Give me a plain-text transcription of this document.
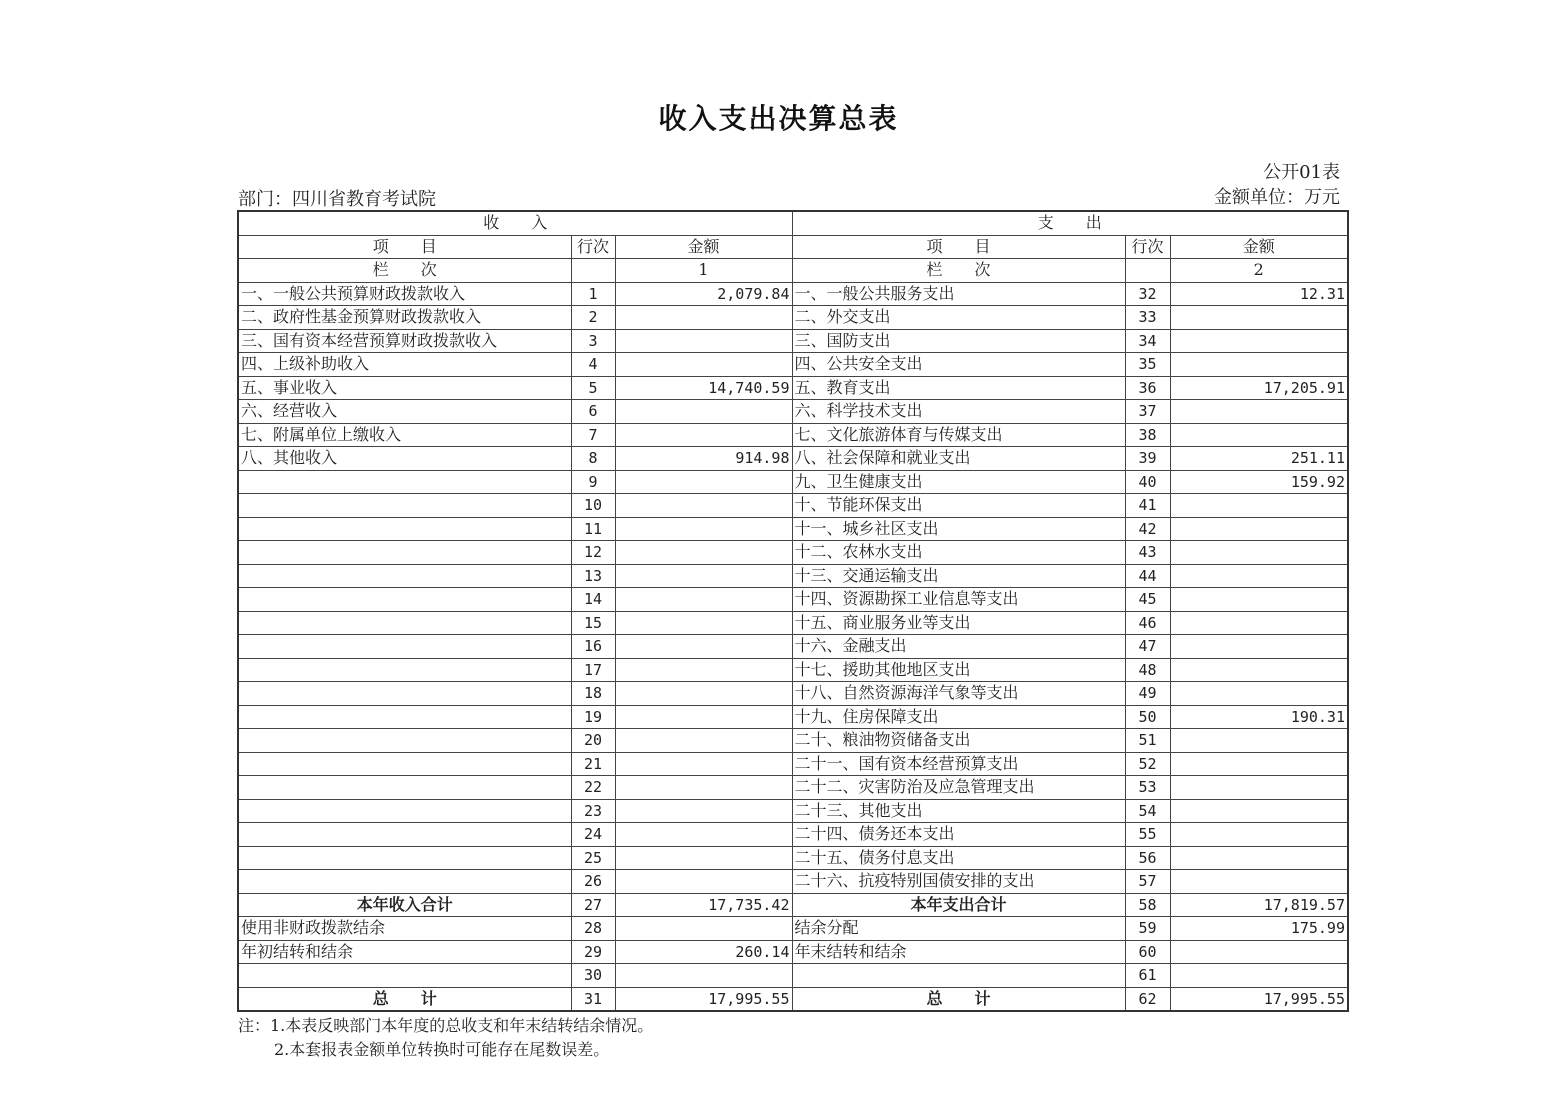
收入支出决算总表
公开01表
金额单位：万元
部门：四川省教育考试院
收　　入			支　　出		
项　　目	行次	金额	项　　目	行次	金额
栏　　次		1	栏　　次		2
一、一般公共预算财政拨款收入	1	2,079.84	一、一般公共服务支出	32	12.31
二、政府性基金预算财政拨款收入	2		二、外交支出	33	
三、国有资本经营预算财政拨款收入	3		三、国防支出	34	
四、上级补助收入	4		四、公共安全支出	35	
五、事业收入	5	14,740.59	五、教育支出	36	17,205.91
六、经营收入	6		六、科学技术支出	37	
七、附属单位上缴收入	7		七、文化旅游体育与传媒支出	38	
八、其他收入	8	914.98	八、社会保障和就业支出	39	251.11
	9		九、卫生健康支出	40	159.92
	10		十、节能环保支出	41	
	11		十一、城乡社区支出	42	
	12		十二、农林水支出	43	
	13		十三、交通运输支出	44	
	14		十四、资源勘探工业信息等支出	45	
	15		十五、商业服务业等支出	46	
	16		十六、金融支出	47	
	17		十七、援助其他地区支出	48	
	18		十八、自然资源海洋气象等支出	49	
	19		十九、住房保障支出	50	190.31
	20		二十、粮油物资储备支出	51	
	21		二十一、国有资本经营预算支出	52	
	22		二十二、灾害防治及应急管理支出	53	
	23		二十三、其他支出	54	
	24		二十四、债务还本支出	55	
	25		二十五、债务付息支出	56	
	26		二十六、抗疫特别国债安排的支出	57	
本年收入合计	27	17,735.42	本年支出合计	58	17,819.57
使用非财政拨款结余	28		结余分配	59	175.99
年初结转和结余	29	260.14	年末结转和结余	60	
	30			61	
总　　计	31	17,995.55	总　　计	62	17,995.55
注：1.本表反映部门本年度的总收支和年末结转结余情况。
2.本套报表金额单位转换时可能存在尾数误差。
